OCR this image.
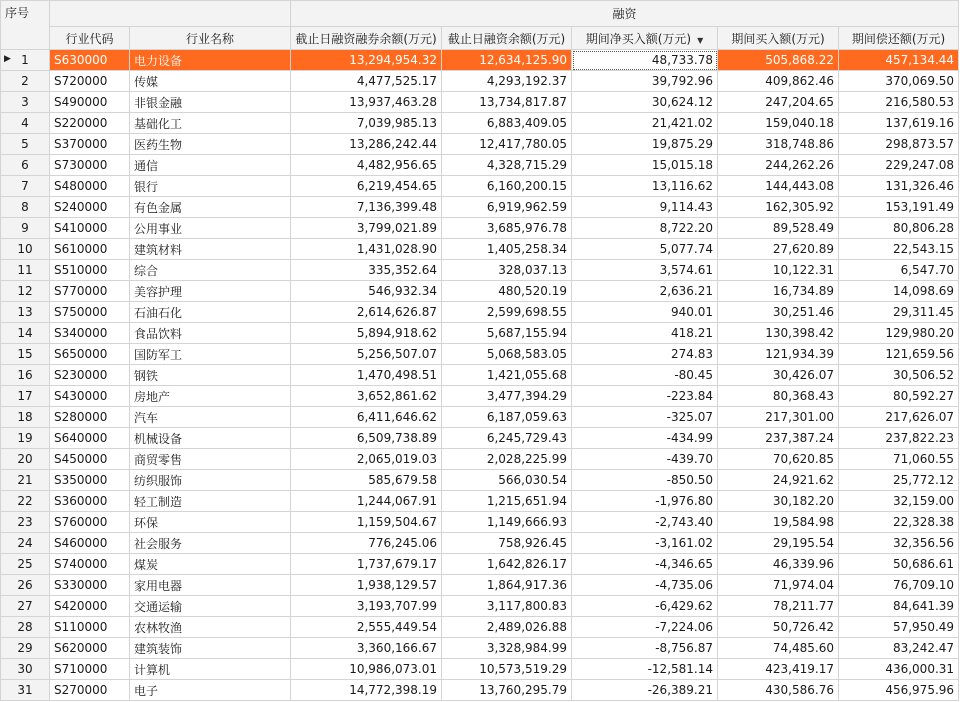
序号			融资				
	行业代码	行业名称	截止日融资融券余额(万元)	截止日融资余额(万元)	期间净买入额(万元) ▼	期间买入额(万元)	期间偿还额(万元)

▶ 1	S630000	电力设备	13,294,954.32	12,634,125.90	48,733.78	505,868.22	457,134.44
2	S720000	传媒	4,477,525.17	4,293,192.37	39,792.96	409,862.46	370,069.50
3	S490000	非银金融	13,937,463.28	13,734,817.87	30,624.12	247,204.65	216,580.53
4	S220000	基础化工	7,039,985.13	6,883,409.05	21,421.02	159,040.18	137,619.16
5	S370000	医药生物	13,286,242.44	12,417,780.05	19,875.29	318,748.86	298,873.57
6	S730000	通信	4,482,956.65	4,328,715.29	15,015.18	244,262.26	229,247.08
7	S480000	银行	6,219,454.65	6,160,200.15	13,116.62	144,443.08	131,326.46
8	S240000	有色金属	7,136,399.48	6,919,962.59	9,114.43	162,305.92	153,191.49
9	S410000	公用事业	3,799,021.89	3,685,976.78	8,722.20	89,528.49	80,806.28
10	S610000	建筑材料	1,431,028.90	1,405,258.34	5,077.74	27,620.89	22,543.15
11	S510000	综合	335,352.64	328,037.13	3,574.61	10,122.31	6,547.70
12	S770000	美容护理	546,932.34	480,520.19	2,636.21	16,734.89	14,098.69
13	S750000	石油石化	2,614,626.87	2,599,698.55	940.01	30,251.46	29,311.45
14	S340000	食品饮料	5,894,918.62	5,687,155.94	418.21	130,398.42	129,980.20
15	S650000	国防军工	5,256,507.07	5,068,583.05	274.83	121,934.39	121,659.56
16	S230000	钢铁	1,470,498.51	1,421,055.68	-80.45	30,426.07	30,506.52
17	S430000	房地产	3,652,861.62	3,477,394.29	-223.84	80,368.43	80,592.27
18	S280000	汽车	6,411,646.62	6,187,059.63	-325.07	217,301.00	217,626.07
19	S640000	机械设备	6,509,738.89	6,245,729.43	-434.99	237,387.24	237,822.23
20	S450000	商贸零售	2,065,019.03	2,028,225.99	-439.70	70,620.85	71,060.55
21	S350000	纺织服饰	585,679.58	566,030.54	-850.50	24,921.62	25,772.12
22	S360000	轻工制造	1,244,067.91	1,215,651.94	-1,976.80	30,182.20	32,159.00
23	S760000	环保	1,159,504.67	1,149,666.93	-2,743.40	19,584.98	22,328.38
24	S460000	社会服务	776,245.06	758,926.45	-3,161.02	29,195.54	32,356.56
25	S740000	煤炭	1,737,679.17	1,642,826.17	-4,346.65	46,339.96	50,686.61
26	S330000	家用电器	1,938,129.57	1,864,917.36	-4,735.06	71,974.04	76,709.10
27	S420000	交通运输	3,193,707.99	3,117,800.83	-6,429.62	78,211.77	84,641.39
28	S110000	农林牧渔	2,555,449.54	2,489,026.88	-7,224.06	50,726.42	57,950.49
29	S620000	建筑装饰	3,360,166.67	3,328,984.99	-8,756.87	74,485.60	83,242.47
30	S710000	计算机	10,986,073.01	10,573,519.29	-12,581.14	423,419.17	436,000.31
31	S270000	电子	14,772,398.19	13,760,295.79	-26,389.21	430,586.76	456,975.96
